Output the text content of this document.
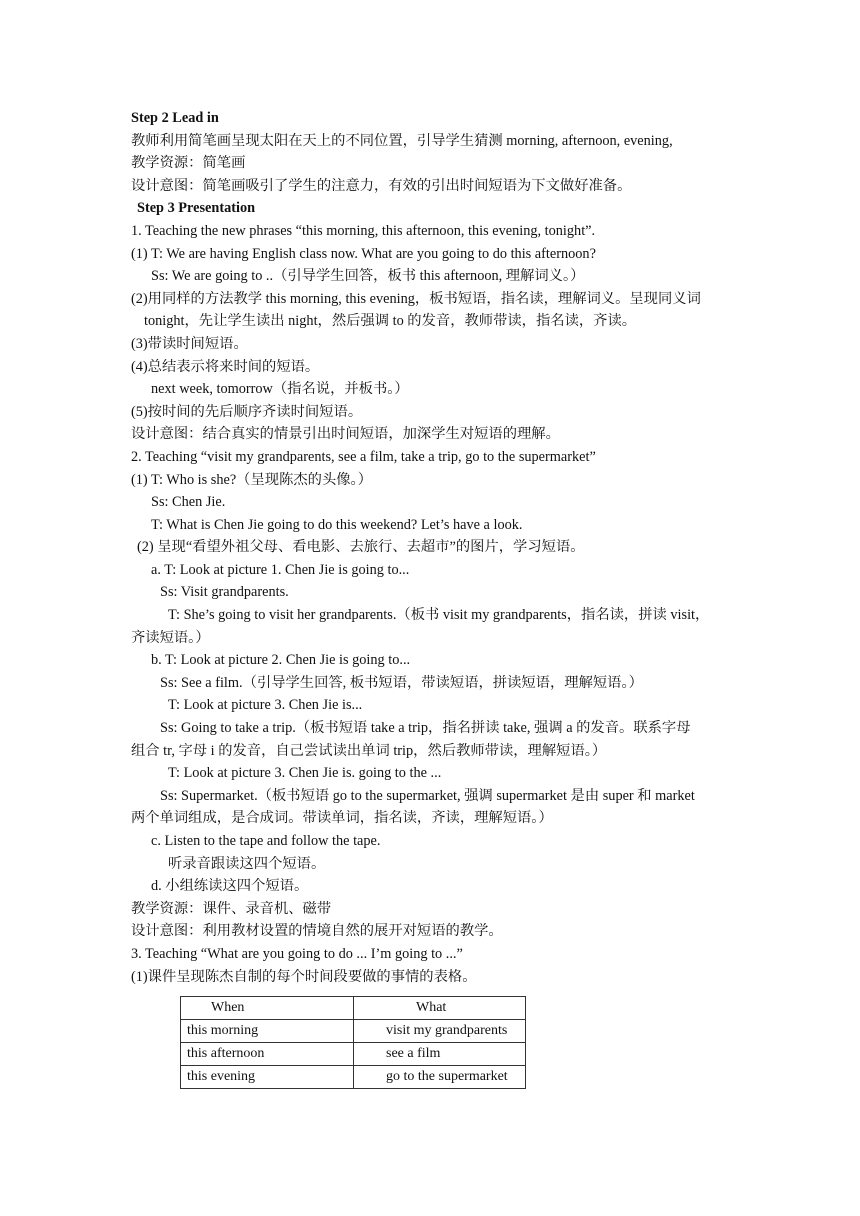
Step 2 Lead in
教师利用简笔画呈现太阳在天上的不同位置，引导学生猜测 morning, afternoon, evening,
教学资源：简笔画
设计意图：简笔画吸引了学生的注意力，有效的引出时间短语为下文做好准备。
Step 3 Presentation
1. Teaching the new phrases “this morning, this afternoon, this evening, tonight”.
(1) T: We are having English class now. What are you going to do this afternoon?
Ss: We are going to ..（引导学生回答，板书 this afternoon, 理解词义。）
(2)用同样的方法教学 this morning, this evening，板书短语，指名读，理解词义。呈现同义词
tonight，先让学生读出 night，然后强调 to 的发音，教师带读，指名读，齐读。
(3)带读时间短语。
(4)总结表示将来时间的短语。
next week, tomorrow（指名说，并板书。）
(5)按时间的先后顺序齐读时间短语。
设计意图：结合真实的情景引出时间短语，加深学生对短语的理解。
2. Teaching “visit my grandparents, see a film, take a trip, go to the supermarket”
(1) T: Who is she?（呈现陈杰的头像。）
Ss: Chen Jie.
T: What is Chen Jie going to do this weekend? Let’s have a look.
(2) 呈现“看望外祖父母、看电影、去旅行、去超市”的图片，学习短语。
a. T: Look at picture 1. Chen Jie is going to...
Ss: Visit grandparents.
T: She’s going to visit her grandparents.（板书 visit my grandparents，指名读，拼读 visit，
齐读短语。）
b. T: Look at picture 2. Chen Jie is going to...
Ss: See a film.（引导学生回答, 板书短语，带读短语，拼读短语，理解短语。）
T: Look at picture 3. Chen Jie is...
Ss: Going to take a trip.（板书短语 take a trip，指名拼读 take, 强调 a 的发音。联系字母
组合 tr, 字母 i 的发音，自己尝试读出单词 trip，然后教师带读，理解短语。）
T: Look at picture 3. Chen Jie is. going to the ...
Ss: Supermarket.（板书短语 go to the supermarket, 强调 supermarket 是由 super 和 market
两个单词组成，是合成词。带读单词，指名读，齐读，理解短语。）
c. Listen to the tape and follow the tape.
听录音跟读这四个短语。
d. 小组练读这四个短语。
教学资源：课件、录音机、磁带
设计意图：利用教材设置的情境自然的展开对短语的教学。
3. Teaching “What are you going to do ... I’m going to ...”
(1)课件呈现陈杰自制的每个时间段要做的事情的表格。
When	What
this morning	visit my grandparents
this afternoon	see a film
this evening	go to the supermarket
